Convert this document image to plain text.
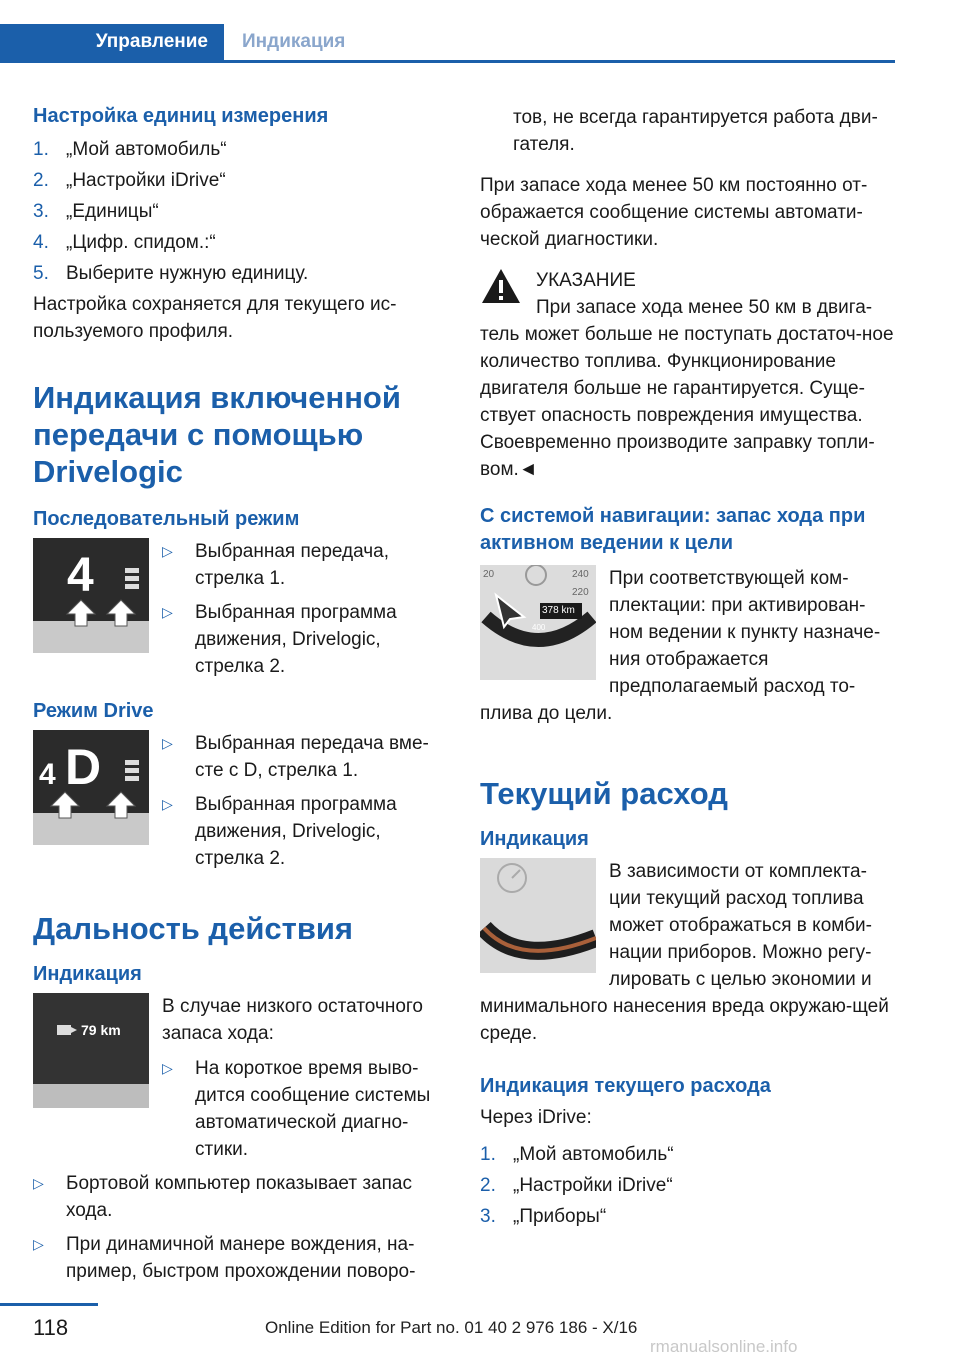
Управление	Индикация

Настройка единиц измерения

1. „Мой автомобиль“
2. „Настройки iDrive“
3. „Единицы“
4. „Цифр. спидом.:“
5. Выберите нужную единицу.

Настройка сохраняется для текущего ис-пользуемого профиля.

Индикация включенной передачи с помощью Drivelogic

Последовательный режим

4	▷	Выбранная передача, стрелка 1.
▷	Выбранная программа движения, Drivelogic, стрелка 2.

Режим Drive

4 D	▷	Выбранная передача вме-сте с D, стрелка 1.
▷	Выбранная программа движения, Drivelogic, стрелка 2.

Дальность действия

Индикация

79 km

В случае низкого остаточного запаса хода:

▷	На короткое время выво-дится сообщение системы автоматической диагно-стики.
▷	Бортовой компьютер показывает запас хода.
▷	При динамичной манере вождения, на-пример, быстром прохождении поворо-

тов, не всегда гарантируется работа дви-гателя.

При запасе хода менее 50 км постоянно от-ображается сообщение системы автомати-ческой диагностики.

УКАЗАНИЕ

При запасе хода менее 50 км в двига-

тель может больше не поступать достаточ-ное количество топлива. Функционирование двигателя больше не гарантируется. Суще-ствует опасность повреждения имущества. Своевременно производите заправку топли-вом.◄

С системой навигации: запас хода при активном ведении к цели

20	240
220
378 km
400

При соответствующей ком-плектации: при активирован-ном ведении к пункту назначе-ния отображается предполагаемый расход то-

плива до цели.

Текущий расход

Индикация

В зависимости от комплекта-ции текущий расход топлива может отображаться в комби-нации приборов. Можно регу-лировать с целью экономии и

минимального нанесения вреда окружаю-щей среде.

Индикация текущего расхода

Через iDrive:

1. „Мой автомобиль“
2. „Настройки iDrive“
3. „Приборы“
118	Online Edition for Part no. 01 40 2 976 186 - X/16
rmanualsonline.info
